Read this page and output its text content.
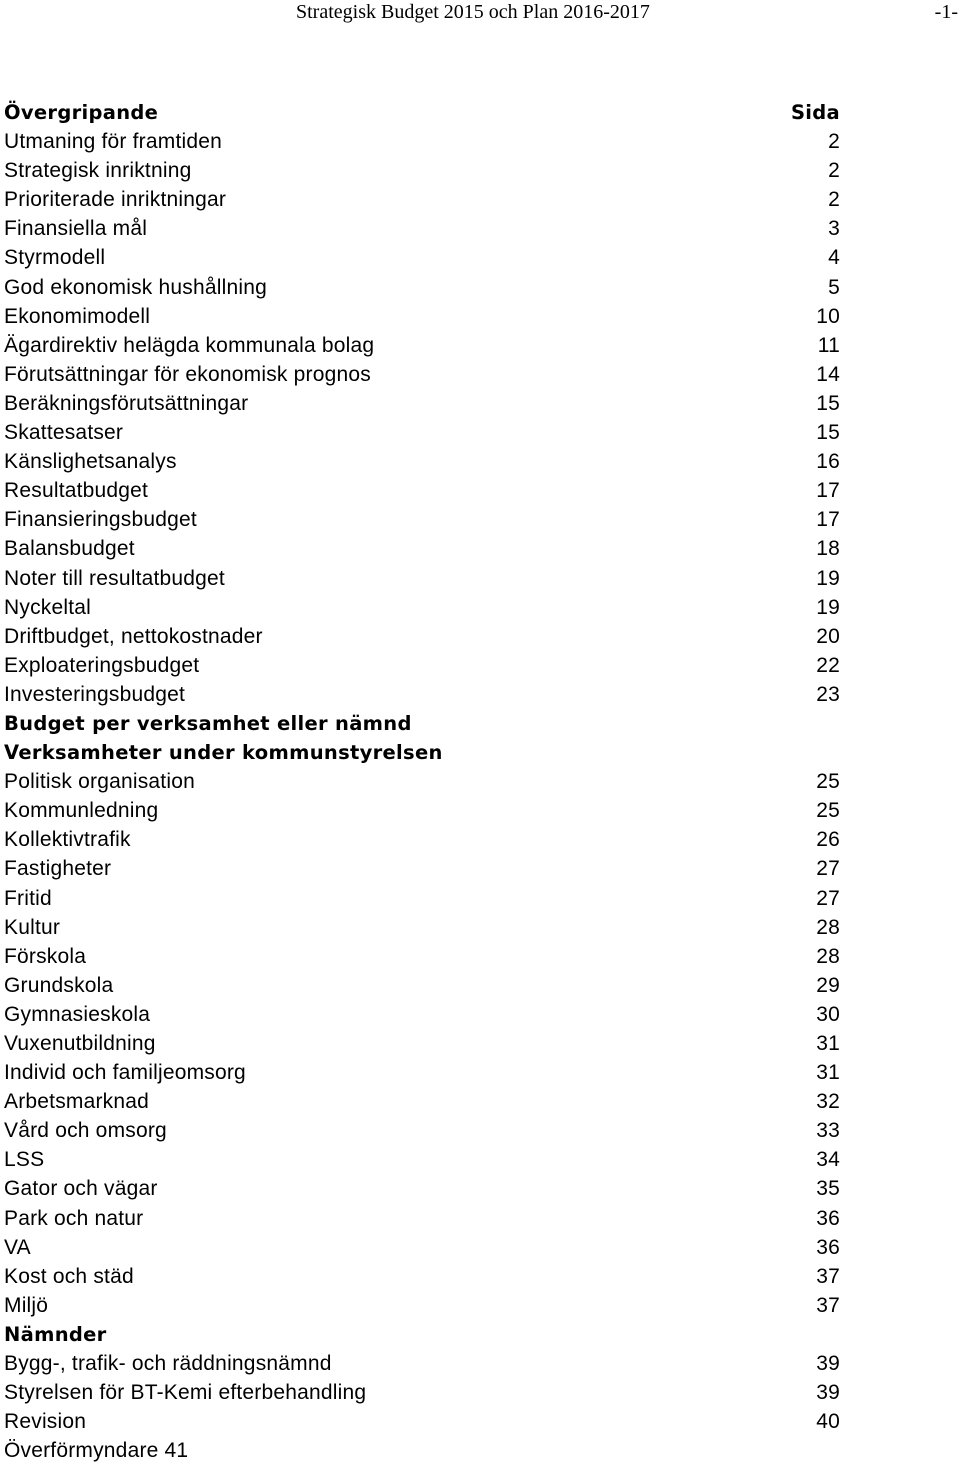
Strategisk Budget 2015 och Plan 2016-2017	-1-
Övergripande	Sida
Utmaning för framtiden	2
Strategisk inriktning	2
Prioriterade inriktningar	2
Finansiella mål	3
Styrmodell	4
God ekonomisk hushållning	5
Ekonomimodell	10
Ägardirektiv helägda kommunala bolag	11
Förutsättningar för ekonomisk prognos	14
Beräkningsförutsättningar	15
Skattesatser	15
Känslighetsanalys	16
Resultatbudget	17
Finansieringsbudget	17
Balansbudget	18
Noter till resultatbudget	19
Nyckeltal	19
Driftbudget, nettokostnader	20
Exploateringsbudget	22
Investeringsbudget	23
Budget per verksamhet eller nämnd
Verksamheter under kommunstyrelsen
Politisk organisation	25
Kommunledning	25
Kollektivtrafik	26
Fastigheter	27
Fritid	27
Kultur	28
Förskola	28
Grundskola	29
Gymnasieskola	30
Vuxenutbildning	31
Individ och familjeomsorg	31
Arbetsmarknad	32
Vård och omsorg	33
LSS	34
Gator och vägar	35
Park och natur	36
VA	36
Kost och städ	37
Miljö	37
Nämnder
Bygg-, trafik- och räddningsnämnd	39
Styrelsen för BT-Kemi efterbehandling	39
Revision	40
Överförmyndare 41
